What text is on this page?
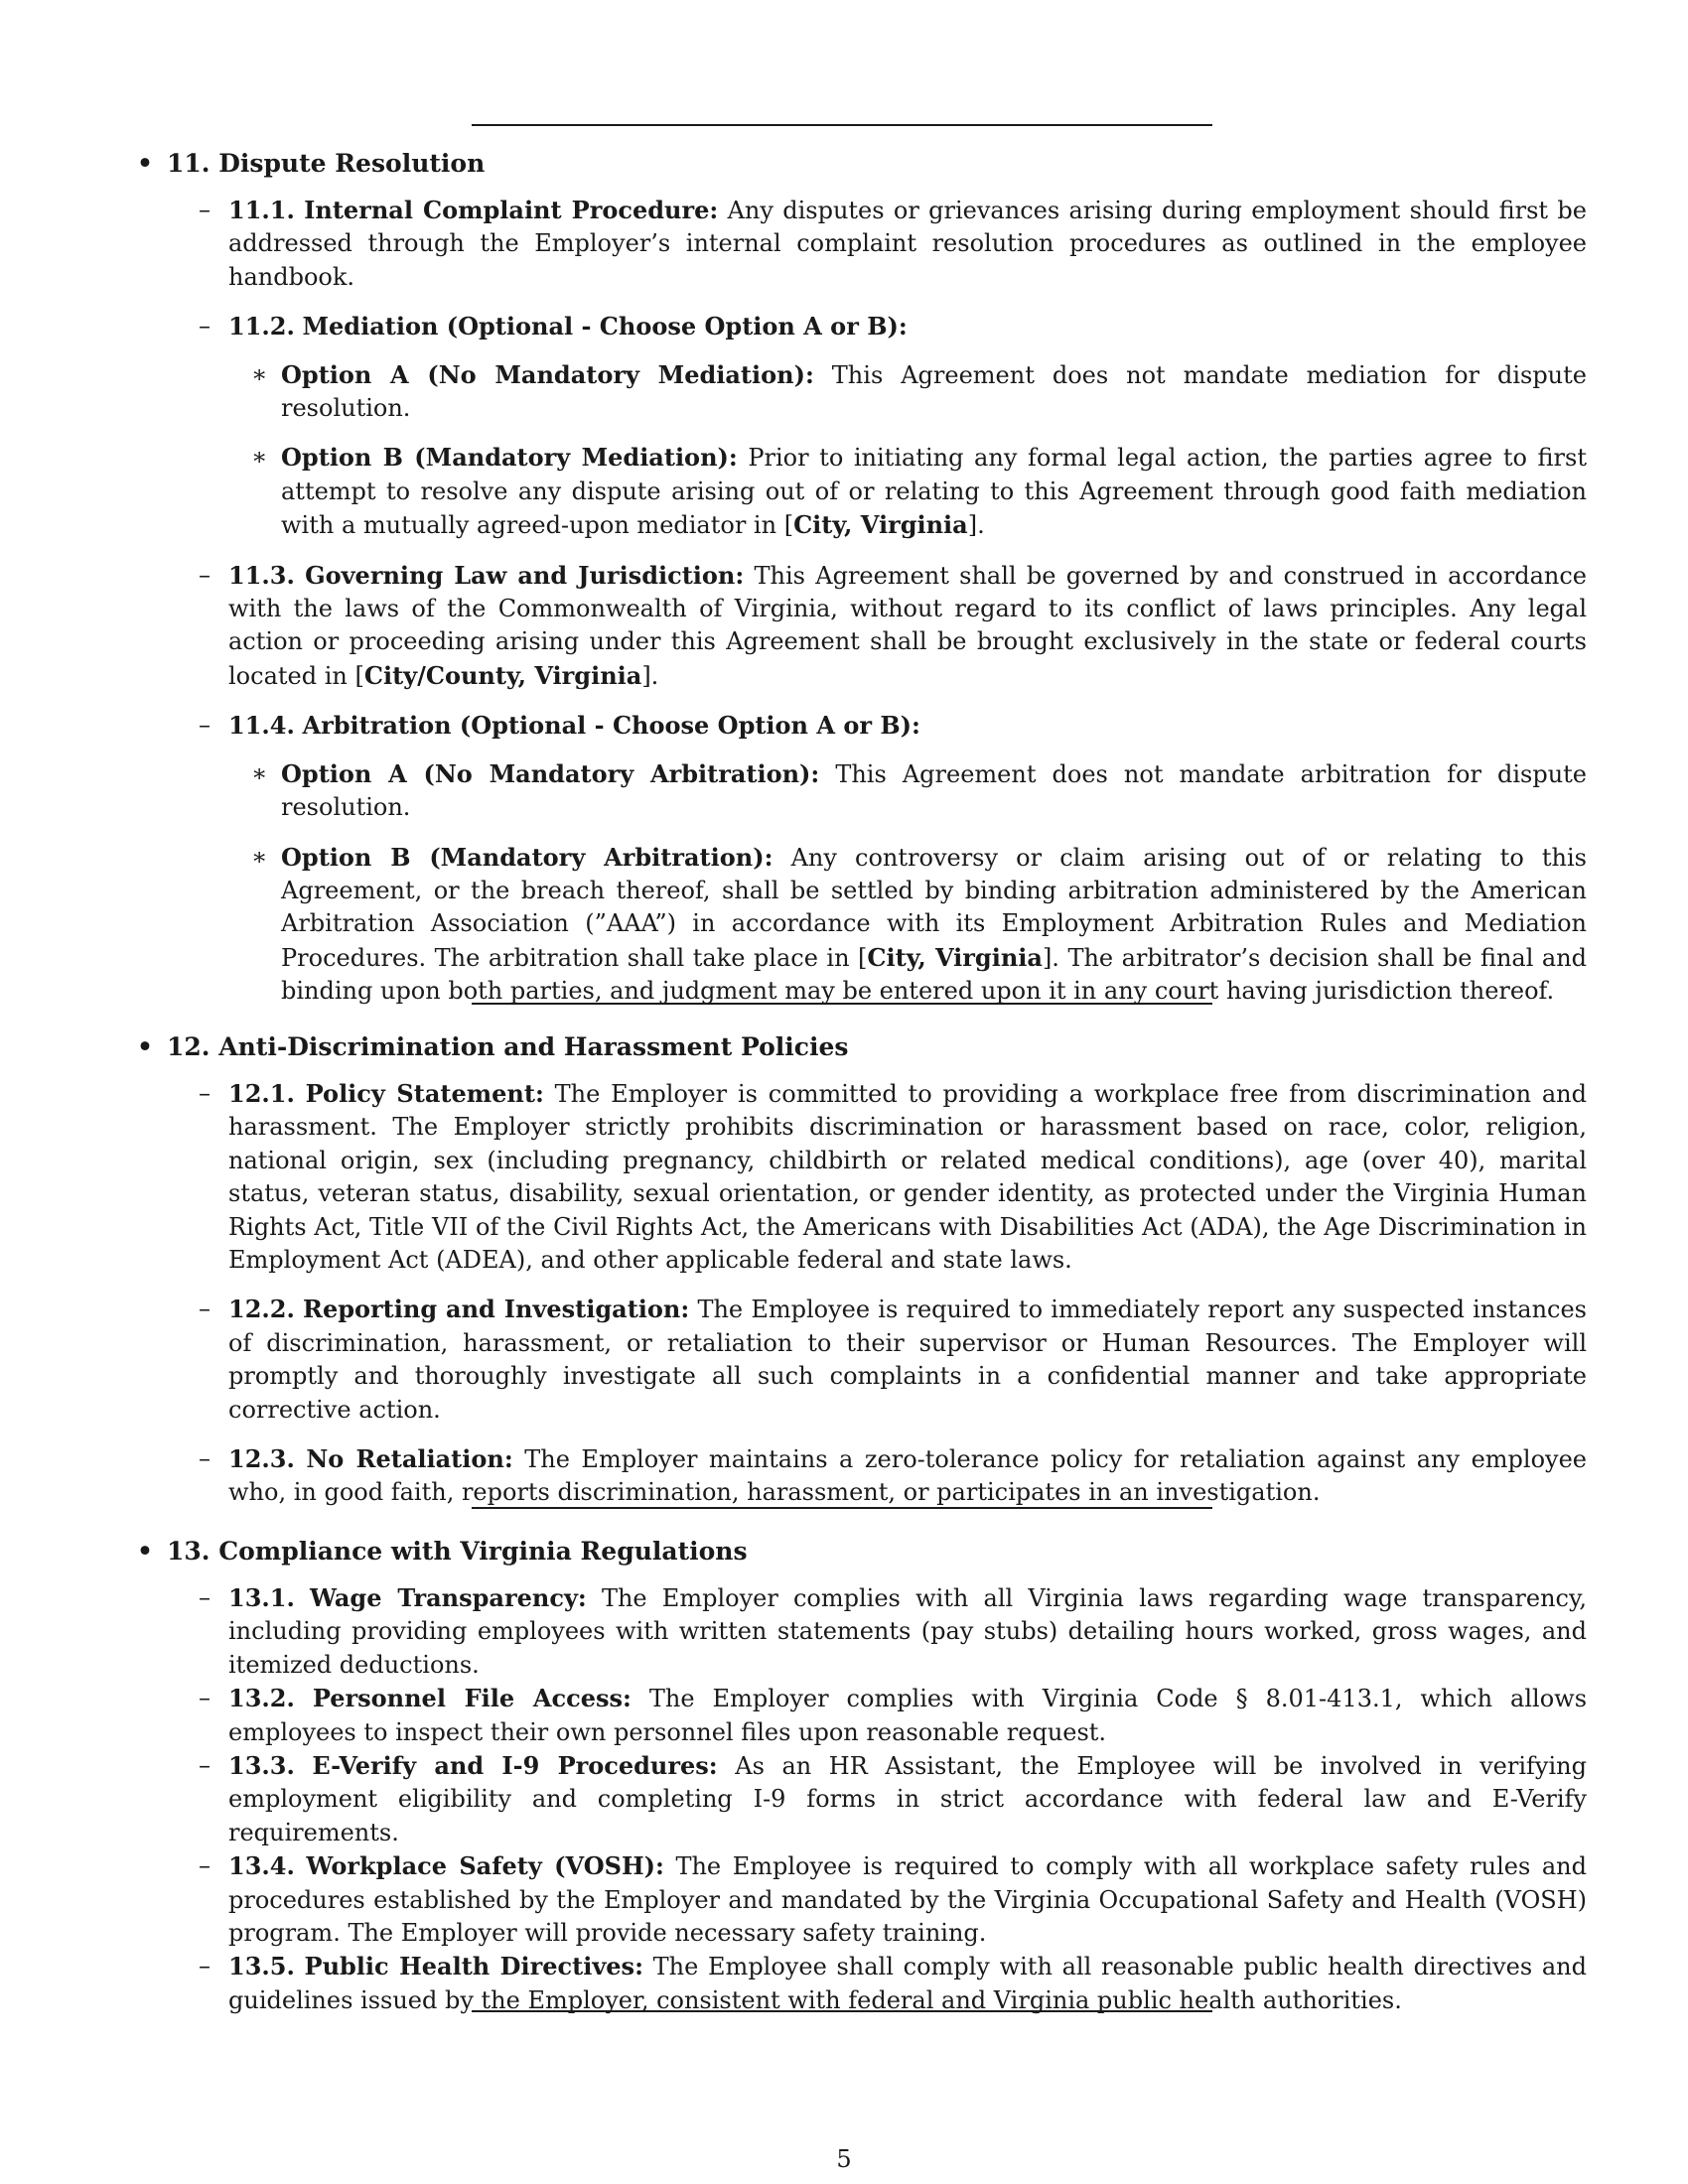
• 11. Dispute Resolution
– 11.1. Internal Complaint Procedure: Any disputes or grievances arising during employment should first be addressed through the Employer’s internal complaint resolution procedures as outlined in the employee handbook.
– 11.2. Mediation (Optional - Choose Option A or B):
∗ Option A (No Mandatory Mediation): This Agreement does not mandate mediation for dispute resolution.
∗ Option B (Mandatory Mediation): Prior to initiating any formal legal action, the parties agree to first attempt to resolve any dispute arising out of or relating to this Agreement through good faith mediation with a mutually agreed-upon mediator in [City, Virginia].
– 11.3. Governing Law and Jurisdiction: This Agreement shall be governed by and construed in accordance with the laws of the Commonwealth of Virginia, without regard to its conflict of laws principles. Any legal action or proceeding arising under this Agreement shall be brought exclusively in the state or federal courts located in [City/County, Virginia].
– 11.4. Arbitration (Optional - Choose Option A or B):
∗ Option A (No Mandatory Arbitration): This Agreement does not mandate arbitration for dispute resolution.
∗ Option B (Mandatory Arbitration): Any controversy or claim arising out of or relating to this Agreement, or the breach thereof, shall be settled by binding arbitration administered by the American Arbitration Association (”AAA”) in accordance with its Employment Arbitration Rules and Mediation Procedures. The arbitration shall take place in [City, Virginia]. The arbitrator’s decision shall be final and binding upon both parties, and judgment may be entered upon it in any court having jurisdiction thereof.
• 12. Anti-Discrimination and Harassment Policies
– 12.1. Policy Statement: The Employer is committed to providing a workplace free from discrimination and harassment. The Employer strictly prohibits discrimination or harassment based on race, color, religion, national origin, sex (including pregnancy, childbirth or related medical conditions), age (over 40), marital status, veteran status, disability, sexual orientation, or gender identity, as protected under the Virginia Human Rights Act, Title VII of the Civil Rights Act, the Americans with Disabilities Act (ADA), the Age Discrimination in Employment Act (ADEA), and other applicable federal and state laws.
– 12.2. Reporting and Investigation: The Employee is required to immediately report any suspected instances of discrimination, harassment, or retaliation to their supervisor or Human Resources. The Employer will promptly and thoroughly investigate all such complaints in a confidential manner and take appropriate corrective action.
– 12.3. No Retaliation: The Employer maintains a zero-tolerance policy for retaliation against any employee who, in good faith, reports discrimination, harassment, or participates in an investigation.
• 13. Compliance with Virginia Regulations
– 13.1. Wage Transparency: The Employer complies with all Virginia laws regarding wage transparency, including providing employees with written statements (pay stubs) detailing hours worked, gross wages, and itemized deductions.
– 13.2. Personnel File Access: The Employer complies with Virginia Code § 8.01-413.1, which allows employees to inspect their own personnel files upon reasonable request.
– 13.3. E-Verify and I-9 Procedures: As an HR Assistant, the Employee will be involved in verifying employment eligibility and completing I-9 forms in strict accordance with federal law and E-Verify requirements.
– 13.4. Workplace Safety (VOSH): The Employee is required to comply with all workplace safety rules and procedures established by the Employer and mandated by the Virginia Occupational Safety and Health (VOSH) program. The Employer will provide necessary safety training.
– 13.5. Public Health Directives: The Employee shall comply with all reasonable public health directives and guidelines issued by the Employer, consistent with federal and Virginia public health authorities.
5
